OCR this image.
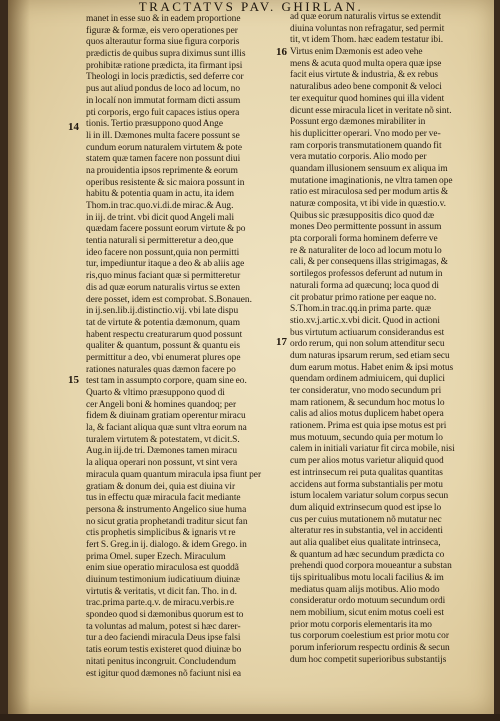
TRACTATVS PAV. GHIRLAN.
14
15
16
17
manet in esse suo & in eadem proportione
figuræ & formæ, eis vero operationes per
quos alterautur forma siue figura corporis
prædictis de quibus supra diximus sunt illis
prohibitæ ratione prædicta, ita firmant ipsi
Theologi in locis prædictis, sed deferre cor
pus aut aliud pondus de loco ad locum, no
in localí non immutat formam dicti assum
pti corporis, ergo fuit capaces istius opera
tionis. Tertio præsuppono quod Ange
li in ill. Dæmones multa facere possunt se
cundum eorum naturalem virtutem & pote
statem quæ tamen facere non possunt diui
na prouidentia ipsos reprimente & eorum
operibus resistente & sic maiora possunt in
habitu & potentia quam in actu, ita idem
Thom.in trac.quo.vi.di.de mirac.& Aug.
in iij. de trint. vbi dicit quod Angeli mali
quædam facere possunt eorum virtute & po
tentia naturali si permitteretur a deo,que
ideo facere non possunt,quia non permitti
tur, impediuntur itaque a deo & ab aliis age
ris,quo minus faciant quæ si permitteretur
dis ad quæ eorum naturalis virtus se exten
dere posset, idem est comprobat. S.Bonauen.
in ij.sen.lib.ij.distinctio.vij. vbi late dispu
tat de virtute & potentia dæmonum, quam
habent respectu creaturarum quod possunt
qualiter & quantum, possunt & quantu eis
permittitur a deo, vbi enumerat plures ope
rationes naturales quas dæmon facere po
test tam in assumpto corpore, quam sine eo.
Quarto & vltimo præsuppono quod di
cer Angeli boni & homines quandoq; per
fidem & diuinam gratiam operentur miracu
la, & faciant aliqua quæ sunt vltra eorum na
turalem virtutem & potestatem, vt dicit.S.
Aug.in iij.de tri. Dæmones tamen miracu
la aliqua operari non possunt, vt sint vera
miracula quam quantum miracula ipsa fiunt per
gratiam & donum dei, quia est diuina vir
tus in effectu quæ miracula facit mediante
persona & instrumento Angelico siue huma
no sicut gratia prophetandi traditur sicut fan
ctis prophetis simplicibus & ignaris vt re
fert S. Greg.in ij. dialogo. & idem Grego. in
prima Omel. super Ezech. Miraculum
enim siue operatio miraculosa est quoddã
diuinum testimonium iudicatiuum diuinæ
virtutis & veritatis, vt dicit fan. Tho. in d.
trac.prima parte.q.v. de miracu.verbis.re
spondeo quod si dæmonibus quorum est to
ta voluntas ad malum, potest si hæc darer-
tur a deo faciendi miracula Deus ipse falsi
tatis eorum testis existeret quod diuinæ bo
nitati penitus incongruit. Concludendum
est igitur quod dæmones nõ faciunt nisi ea
ad quæ eorum naturalis virtus se extendit
diuina voluntas non refragatur, sed permit
tit, vt idem Thom. hæc eadem testatur ibi.
Virtus enim Dæmonis est adeo vehe
mens & acuta quod multa opera quæ ipse
facit eius virtute & industria, & ex rebus
naturalibus adeo bene componit & veloci
ter exequitur quod homines qui illa vident
dicunt esse miracula licet in veritate nõ sint.
Possunt ergo dæmones mirabiliter in
his duplicitter operari. Vno modo per ve-
ram corporis transmutationem quando fit
vera mutatio corporis. Alio modo per
quandam illusionem sensuum ex aliqua im
mutatione imaginationis, ne vltra tamen ope
ratio est miraculosa sed per modum artis &
naturæ composita, vt ibi vide in quæstio.v.
Quibus sic præsuppositis dico quod dæ
mones Deo permittente possunt in assum
pta corporali forma hominem deferre ve
re & naturaliter de loco ad locum motu lo
cali, & per consequens illas strigimagas, &
sortilegos professos deferunt ad nutum in
naturali forma ad quæcunq; loca quod di
cit probatur primo ratione per eaque no.
S.Thom.in trac.qq.in prima parte. quæ
stio.xv.j.artic.x.vbi dicit. Quod in actioni
bus virtutum actiuarum considerandus est
ordo rerum, qui non solum attenditur secu
dum naturas ipsarum rerum, sed etiam secu
dum earum motus. Habet enim & ipsi motus
quendam ordinem admiuicem, qui duplici
ter consideratur, vno modo secundum pri
mam rationem, & secundum hoc motus lo
calis ad alios motus duplicem habet opera
rationem. Prima est quia ipse motus est pri
mus motuum, secundo quia per motum lo
calem in initiali variatur fit circa mobile, nisi
cum per alios motus varietur aliquid quod
est intrinsecum rei puta qualitas quantitas
accidens aut forma substantialis per motu
istum localem variatur solum corpus secun
dum aliquid extrinsecum quod est ipse lo
cus per cuius mutationem nõ mutatur nec
alteratur res in substantia, vel in accidenti
aut alia qualibet eius qualitate intrinseca,
& quantum ad hæc secundum prædicta co
prehendi quod corpora moueantur a substan
tijs spiritualibus motu locali facilius & im
mediatus quam alijs motibus. Alio modo
consideratur ordo motuum secundum ordi
nem mobilium, sicut enim motus coeli est
prior motu corporis elementaris ita mo
tus corporum coelestium est prior motu cor
porum inferiorum respectu ordinis & secun
dum hoc competit superioribus substantijs
